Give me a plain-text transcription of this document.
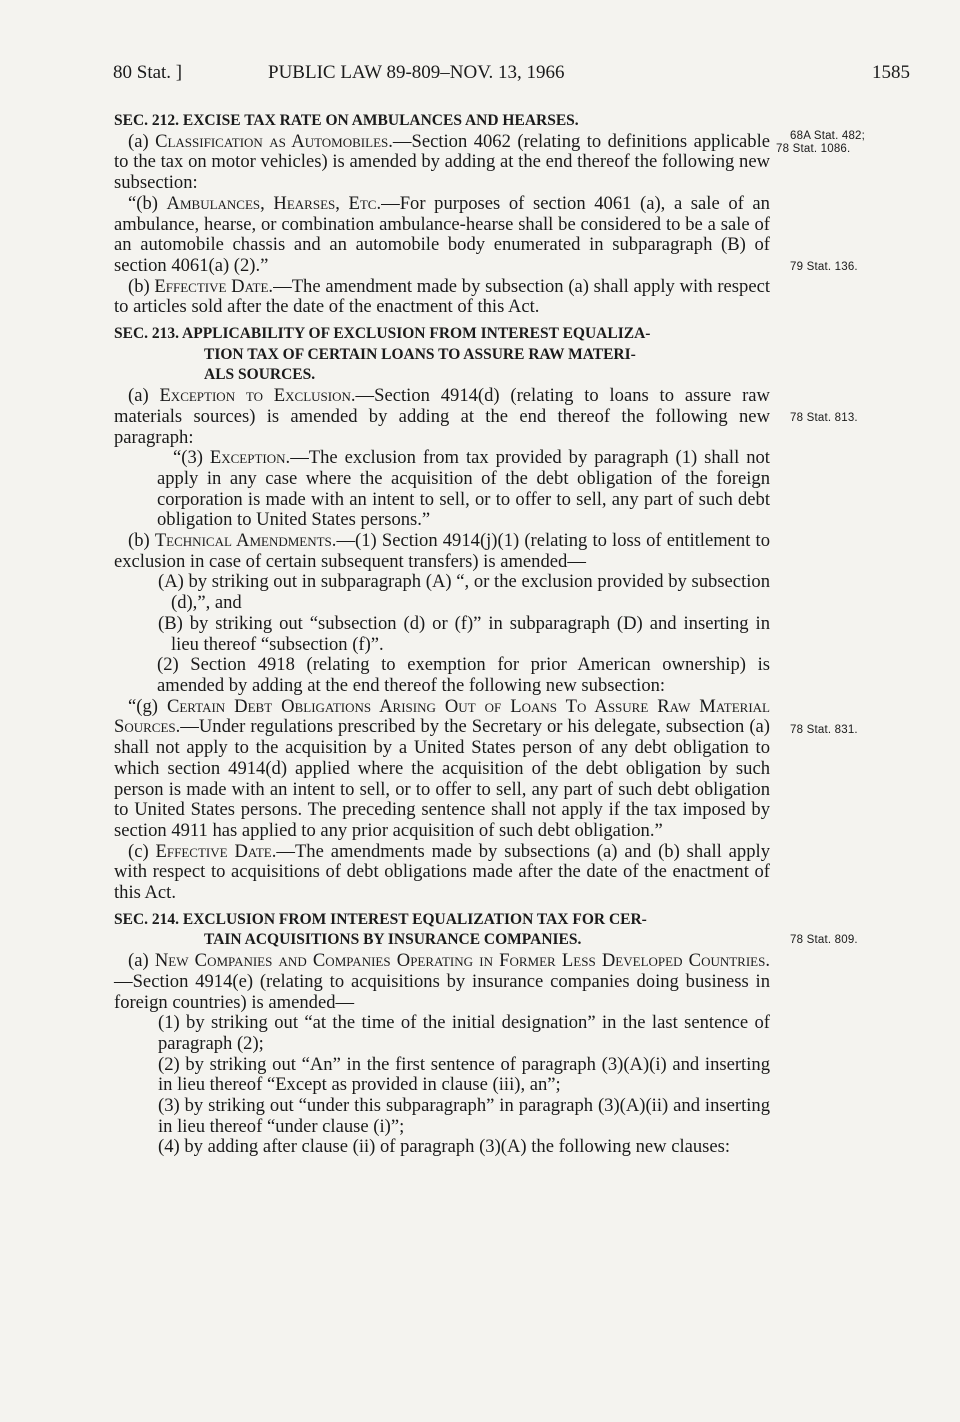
80 Stat. ]	PUBLIC LAW 89-809–NOV. 13, 1966	1585
68A Stat. 482;
78 Stat. 1086.
79 Stat. 136.
78 Stat. 813.
78 Stat. 831.
78 Stat. 809.

SEC. 212. EXCISE TAX RATE ON AMBULANCES AND HEARSES.

(a) Classification as Automobiles.—Section 4062 (relating to definitions applicable to the tax on motor vehicles) is amended by adding at the end thereof the following new subsection:

“(b) Ambulances, Hearses, Etc.—For purposes of section 4061 (a), a sale of an ambulance, hearse, or combination ambulance-hearse shall be considered to be a sale of an automobile chassis and an automobile body enumerated in subparagraph (B) of section 4061(a) (2).”

(b) Effective Date.—The amendment made by subsection (a) shall apply with respect to articles sold after the date of the enactment of this Act.

SEC. 213. APPLICABILITY OF EXCLUSION FROM INTEREST EQUALIZA-

TION TAX OF CERTAIN LOANS TO ASSURE RAW MATERI-

ALS SOURCES.

(a) Exception to Exclusion.—Section 4914(d) (relating to loans to assure raw materials sources) is amended by adding at the end thereof the following new paragraph:

“(3) Exception.—The exclusion from tax provided by paragraph (1) shall not apply in any case where the acquisition of the debt obligation of the foreign corporation is made with an intent to sell, or to offer to sell, any part of such debt obligation to United States persons.”

(b) Technical Amendments.—(1) Section 4914(j)(1) (relating to loss of entitlement to exclusion in case of certain subsequent transfers) is amended—

(A) by striking out in subparagraph (A) “, or the exclusion provided by subsection (d),”, and

(B) by striking out “subsection (d) or (f)” in subparagraph (D) and inserting in lieu thereof “subsection (f)”.

(2) Section 4918 (relating to exemption for prior American ownership) is amended by adding at the end thereof the following new subsection:

“(g) Certain Debt Obligations Arising Out of Loans To Assure Raw Material Sources.—Under regulations prescribed by the Secretary or his delegate, subsection (a) shall not apply to the acquisition by a United States person of any debt obligation to which section 4914(d) applied where the acquisition of the debt obligation by such person is made with an intent to sell, or to offer to sell, any part of such debt obligation to United States persons. The preceding sentence shall not apply if the tax imposed by section 4911 has applied to any prior acquisition of such debt obligation.”

(c) Effective Date.—The amendments made by subsections (a) and (b) shall apply with respect to acquisitions of debt obligations made after the date of the enactment of this Act.

SEC. 214. EXCLUSION FROM INTEREST EQUALIZATION TAX FOR CER-

TAIN ACQUISITIONS BY INSURANCE COMPANIES.

(a) New Companies and Companies Operating in Former Less Developed Countries.—Section 4914(e) (relating to acquisitions by insurance companies doing business in foreign countries) is amended—

(1) by striking out “at the time of the initial designation” in the last sentence of paragraph (2);

(2) by striking out “An” in the first sentence of paragraph (3)(A)(i) and inserting in lieu thereof “Except as provided in clause (iii), an”;

(3) by striking out “under this subparagraph” in paragraph (3)(A)(ii) and inserting in lieu thereof “under clause (i)”;

(4) by adding after clause (ii) of paragraph (3)(A) the following new clauses:
